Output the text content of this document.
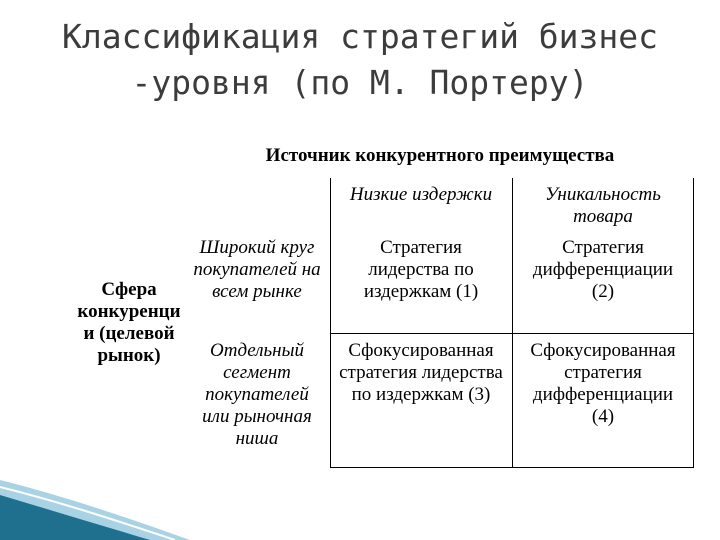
Классификация стратегий бизнес
-уровня (по М. Портеру)
Источник конкурентного преимущества
Низкие издержки	Уникальность
товара
Сфера
конкуренци
и (целевой
рынок)
Широкий круг
покупателей на
всем рынке
Отдельный
сегмент
покупателей
или рыночная
ниша
Стратегия
лидерства по
издержкам (1)
Стратегия
дифференциации
(2)
Сфокусированная
стратегия лидерства
по издержкам (3)
Сфокусированная
стратегия
дифференциации
(4)
